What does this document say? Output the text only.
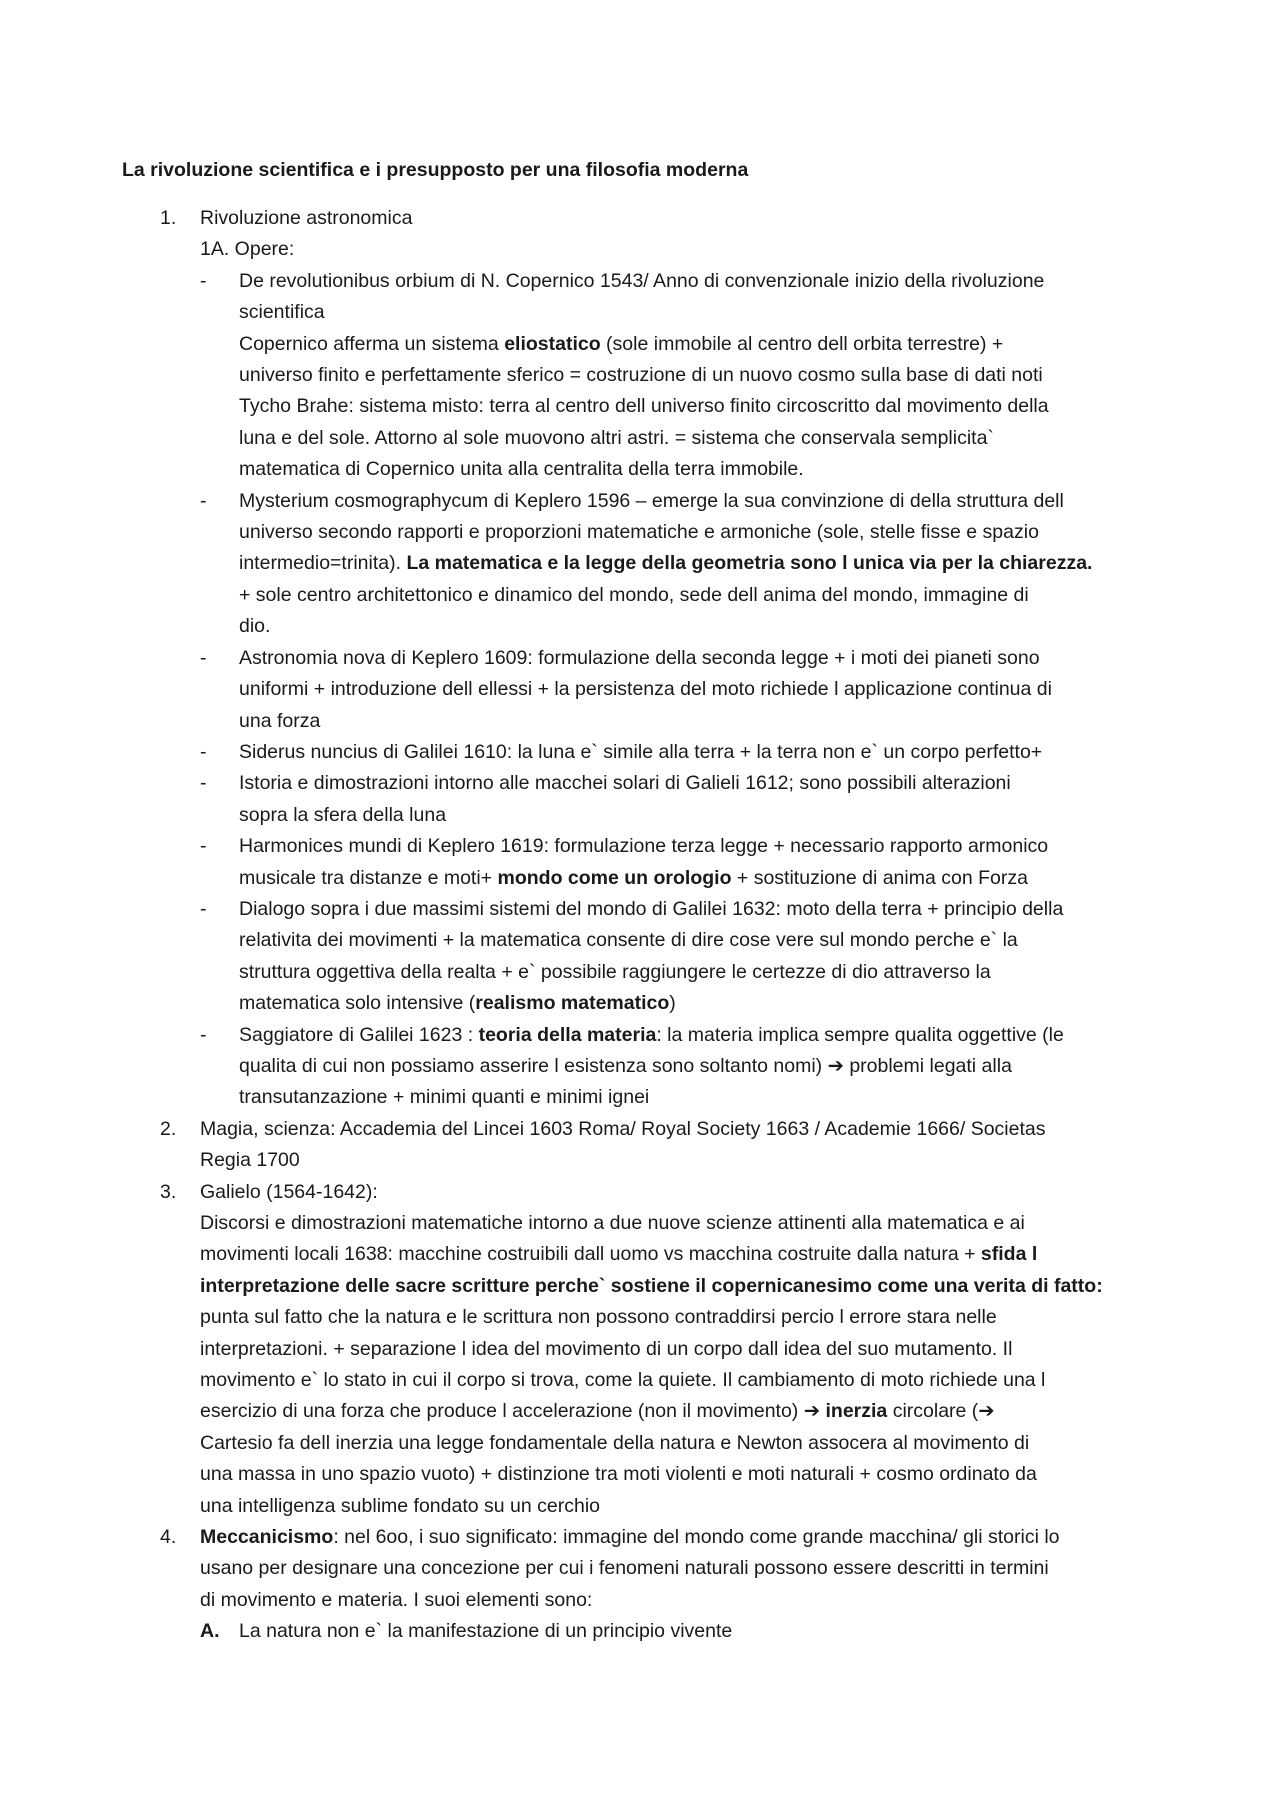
La rivoluzione scientifica e i presupposto per una filosofia moderna
1.	Rivoluzione astronomica
1A. Opere:
-	De revolutionibus orbium di N. Copernico 1543/ Anno di convenzionale inizio della rivoluzione
scientifica
Copernico afferma un sistema eliostatico (sole immobile al centro dell orbita terrestre) +
universo finito e perfettamente sferico = costruzione di un nuovo cosmo sulla base di dati noti
Tycho Brahe: sistema misto: terra al centro dell universo finito circoscritto dal movimento della
luna e del sole. Attorno al sole muovono altri astri. = sistema che conservala semplicita`
matematica di Copernico unita alla centralita della terra immobile.
-	Mysterium cosmographycum di Keplero 1596 – emerge la sua convinzione di della struttura dell
universo secondo rapporti e proporzioni matematiche e armoniche (sole, stelle fisse e spazio
intermedio=trinita). La matematica e la legge della geometria sono l unica via per la chiarezza.
+ sole centro architettonico e dinamico del mondo, sede dell anima del mondo, immagine di
dio.
-	Astronomia nova di Keplero 1609: formulazione della seconda legge + i moti dei pianeti sono
uniformi + introduzione dell ellessi + la persistenza del moto richiede l applicazione continua di
una forza
-	Siderus nuncius di Galilei 1610: la luna e` simile alla terra + la terra non e` un corpo perfetto+
-	Istoria e dimostrazioni intorno alle macchei solari di Galieli 1612; sono possibili alterazioni
sopra la sfera della luna
-	Harmonices mundi di Keplero 1619: formulazione terza legge + necessario rapporto armonico
musicale tra distanze e moti+ mondo come un orologio + sostituzione di anima con Forza
-	Dialogo sopra i due massimi sistemi del mondo di Galilei 1632: moto della terra + principio della
relativita dei movimenti + la matematica consente di dire cose vere sul mondo perche e` la
struttura oggettiva della realta + e` possibile raggiungere le certezze di dio attraverso la
matematica solo intensive (realismo matematico)
-	Saggiatore di Galilei 1623 : teoria della materia: la materia implica sempre qualita oggettive (le
qualita di cui non possiamo asserire l esistenza sono soltanto nomi) ➔ problemi legati alla
transutanzazione + minimi quanti e minimi ignei
2.	Magia, scienza: Accademia del Lincei 1603 Roma/ Royal Society 1663 / Academie 1666/ Societas
Regia 1700
3.	Galielo (1564-1642):
Discorsi e dimostrazioni matematiche intorno a due nuove scienze attinenti alla matematica e ai
movimenti locali 1638: macchine costruibili dall uomo vs macchina costruite dalla natura + sfida l
interpretazione delle sacre scritture perche` sostiene il copernicanesimo come una verita di fatto:
punta sul fatto che la natura e le scrittura non possono contraddirsi percio l errore stara nelle
interpretazioni. + separazione l idea del movimento di un corpo dall idea del suo mutamento. Il
movimento e` lo stato in cui il corpo si trova, come la quiete. Il cambiamento di moto richiede una l
esercizio di una forza che produce l accelerazione (non il movimento) ➔ inerzia circolare (➔
Cartesio fa dell inerzia una legge fondamentale della natura e Newton assocera al movimento di
una massa in uno spazio vuoto) + distinzione tra moti violenti e moti naturali + cosmo ordinato da
una intelligenza sublime fondato su un cerchio
4.	Meccanicismo: nel 6oo, i suo significato: immagine del mondo come grande macchina/ gli storici lo
usano per designare una concezione per cui i fenomeni naturali possono essere descritti in termini
di movimento e materia. I suoi elementi sono:
A. La natura non e` la manifestazione di un principio vivente
